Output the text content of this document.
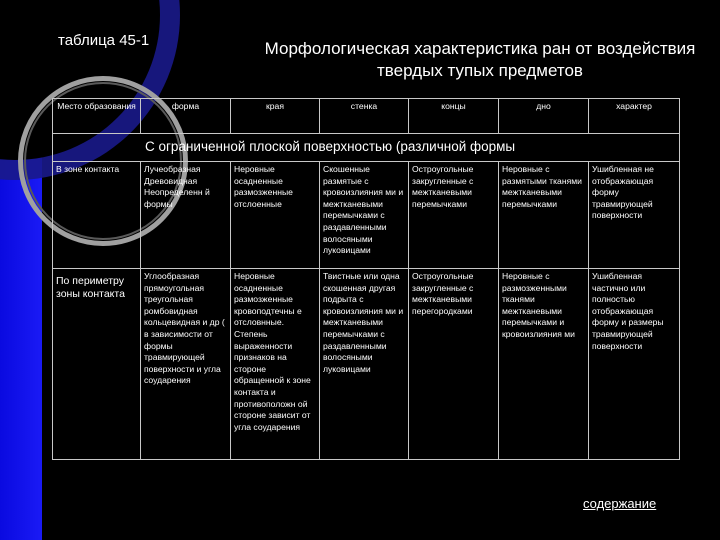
таблица 45-1	Морфологическая характеристика ран от воздействия твердых тупых предметов
Место образования	форма	края	стенка	концы	дно	характер
С ограниченной плоской поверхностью (различной формы						
В зоне контакта	Лучеобразная Древовидная Неопределенн й формы	Неровные осадненные размозженные отслоенные	Скошенные размятые с кровоизлияния ми и межтканевыми перемычками с раздавленными волосяными луковицами	Остроугольные закругленные с межтканевыми перемычками	Неровные с размятыми тканями межтканевыми перемычками	Ушибленная не отображающая форму травмирующей поверхности
По периметру зоны контакта	Углообразная прямоугольная треугольная ромбовидная кольцевидная и др ( в зависимости от формы травмирующей поверхности и угла соударения	Неровные осадненные размозженные кровоподтечны е отсловнные. Степень выраженности признаков на стороне обращенной к зоне контакта и противоположн ой стороне зависит от угла соударения	Твистные или одна скошенная другая подрыта с кровоизлияния ми и межтканевыми перемычками с раздавленными волосяными луковицами	Остроугольные закругленные с межтканевыми перегородками	Неровные с размозженными тканями межтканевыми перемычками и кровоизлияния ми	Ушибленная частично или полностью отображающая форму и размеры травмирующей поверхности
содержание
